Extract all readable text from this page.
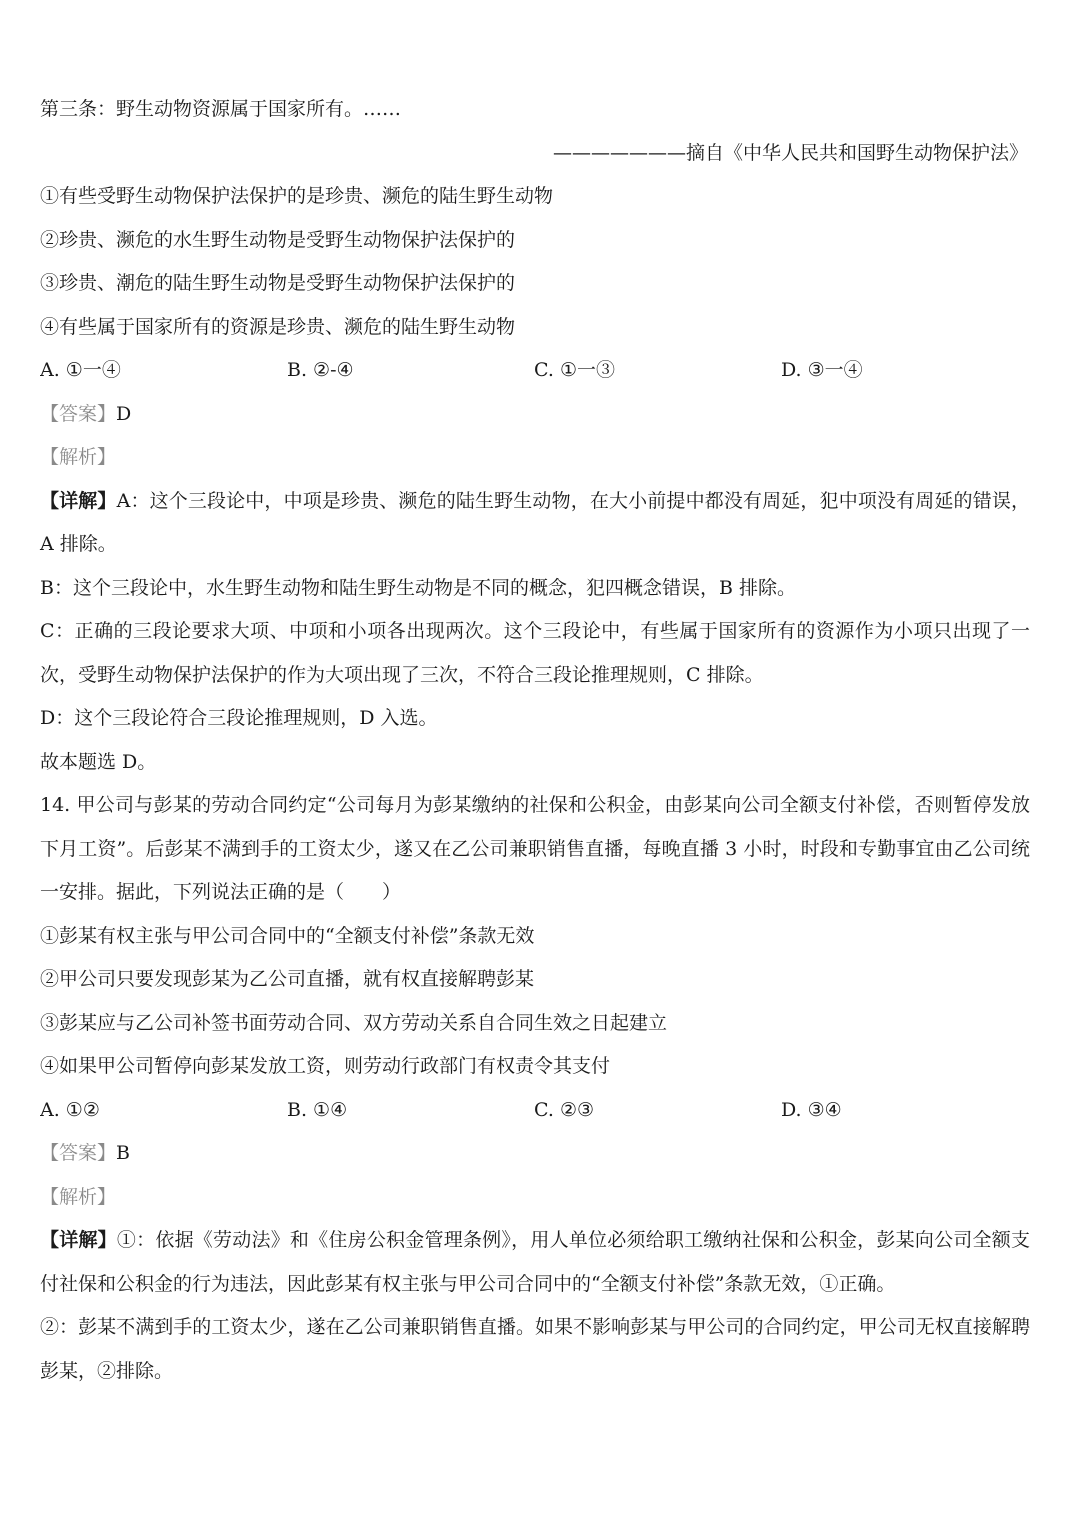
第三条：野生动物资源属于国家所有。……
———————摘自《中华人民共和国野生动物保护法》
①有些受野生动物保护法保护的是珍贵、濒危的陆生野生动物
②珍贵、濒危的水生野生动物是受野生动物保护法保护的
③珍贵、潮危的陆生野生动物是受野生动物保护法保护的
④有些属于国家所有的资源是珍贵、濒危的陆生野生动物
A. ①一④	B. ②-④	C. ①一③	D. ③一④
【答案】D
【解析】
【详解】A：这个三段论中，中项是珍贵、濒危的陆生野生动物，在大小前提中都没有周延，犯中项没有周延的错误，A 排除。
B：这个三段论中，水生野生动物和陆生野生动物是不同的概念，犯四概念错误，B 排除。
C：正确的三段论要求大项、中项和小项各出现两次。这个三段论中，有些属于国家所有的资源作为小项只出现了一次，受野生动物保护法保护的作为大项出现了三次，不符合三段论推理规则，C 排除。
D：这个三段论符合三段论推理规则，D 入选。
故本题选 D。
14. 甲公司与彭某的劳动合同约定“公司每月为彭某缴纳的社保和公积金，由彭某向公司全额支付补偿，否则暂停发放下月工资”。后彭某不满到手的工资太少，遂又在乙公司兼职销售直播，每晚直播 3 小时，时段和专勤事宜由乙公司统一安排。据此，下列说法正确的是（　　）
①彭某有权主张与甲公司合同中的“全额支付补偿”条款无效
②甲公司只要发现彭某为乙公司直播，就有权直接解聘彭某
③彭某应与乙公司补签书面劳动合同、双方劳动关系自合同生效之日起建立
④如果甲公司暂停向彭某发放工资，则劳动行政部门有权责令其支付
A. ①②	B. ①④	C. ②③	D. ③④
【答案】B
【解析】
【详解】①：依据《劳动法》和《住房公积金管理条例》，用人单位必须给职工缴纳社保和公积金，彭某向公司全额支付社保和公积金的行为违法，因此彭某有权主张与甲公司合同中的“全额支付补偿”条款无效，①正确。
②：彭某不满到手的工资太少，遂在乙公司兼职销售直播。如果不影响彭某与甲公司的合同约定，甲公司无权直接解聘彭某，②排除。
